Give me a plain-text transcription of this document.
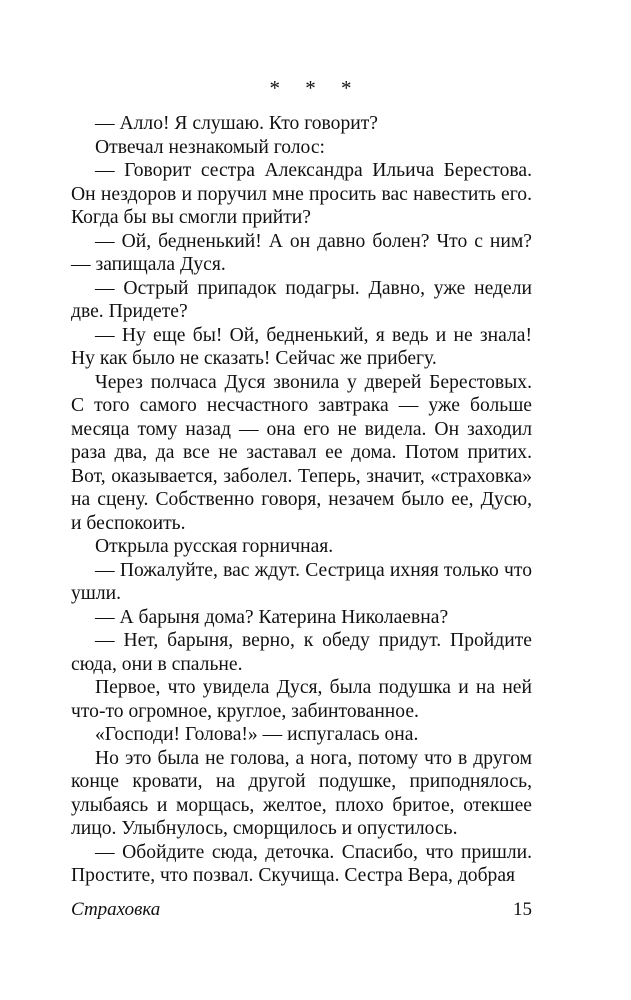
* * *

— Алло! Я слушаю. Кто говорит?

Отвечал незнакомый голос:

— Говорит сестра Александра Ильича Берестова. Он нездоров и поручил мне просить вас навестить его. Когда бы вы смогли прийти?

— Ой, бедненький! А он давно болен? Что с ним? — запищала Дуся.

— Острый припадок подагры. Давно, уже недели две. Придете?

— Ну еще бы! Ой, бедненький, я ведь и не знала! Ну как было не сказать! Сейчас же прибегу.

Через полчаса Дуся звонила у дверей Берестовых. С того самого несчастного завтрака — уже больше месяца тому назад — она его не видела. Он заходил раза два, да все не заставал ее дома. Потом притих. Вот, оказывается, заболел. Теперь, значит, «страховка» на сцену. Собственно говоря, незачем было ее, Дусю, и беспокоить.

Открыла русская горничная.

— Пожалуйте, вас ждут. Сестрица ихняя только что ушли.

— А барыня дома? Катерина Николаевна?

— Нет, барыня, верно, к обеду придут. Пройдите сюда, они в спальне.

Первое, что увидела Дуся, была подушка и на ней что-то огромное, круглое, забинтованное.

«Господи! Голова!» — испугалась она.

Но это была не голова, а нога, потому что в другом конце кровати, на другой подушке, приподнялось, улыбаясь и морщась, желтое, плохо бритое, отекшее лицо. Улыбнулось, сморщилось и опустилось.

— Обойдите сюда, деточка. Спасибо, что пришли. Простите, что позвал. Скучища. Сестра Вера, добрая

Страховка	15
